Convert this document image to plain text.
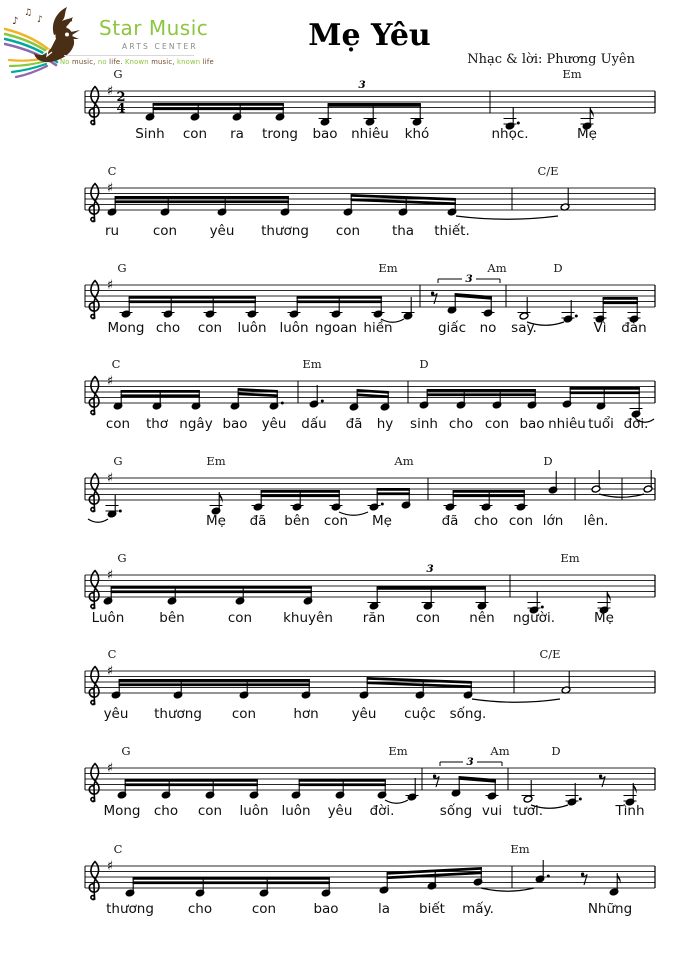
♪
♫
♪	Star Music
ARTS CENTER
No music, no life. Known music, known life
Mẹ Yêu
Nhạc & lời: Phương Uyên
♯ 2
4
G	Em
3
Sinh con ra trong bao nhiêu khó	nhọc.	Mẹ
♯
C	C/E
ru	con yêu thương con tha thiết.
♯
G	Em	Am	D
3
Mong cho con luôn luôn ngoan hiền	giấc no say.	Vì đàn
♯
C	Em	D
con thơ ngây bao yêu dấu đã hy sinh cho con bao nhiêu tuổi đời.
♯
G	Em	Am	D
Mẹ đã bên con Mẹ	đã cho con lớn lên.
♯
G	Em
3
Luôn	bên	con khuyên răn con nên người.	Mẹ
♯
C	C/E
yêu thương con	hơn yêu cuộc sống.
♯
G	Em	Am	D
3
Mong cho con luôn luôn yêu đời.	sống vui tươi.	Tình
♯
C	Em
thương	cho	con	bao	la biết mấy.	Những
